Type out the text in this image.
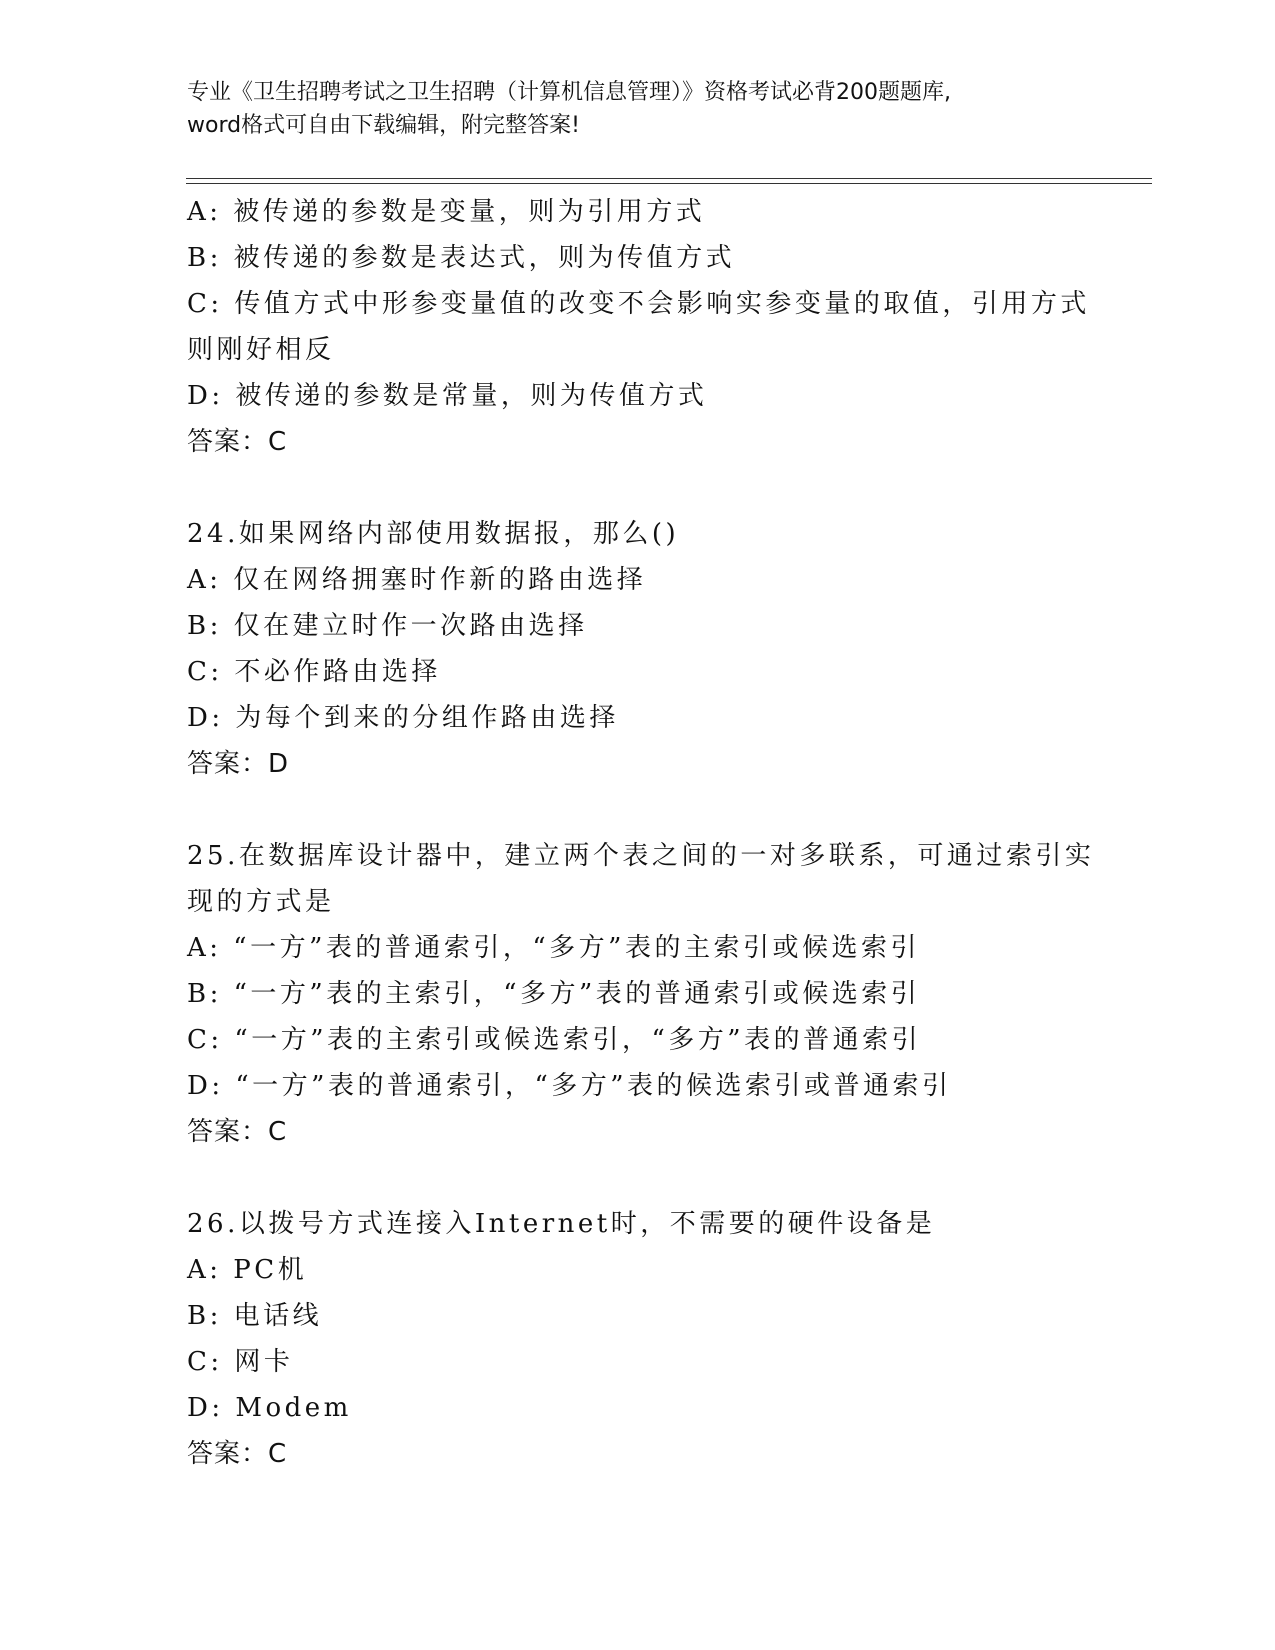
专业《卫生招聘考试之卫生招聘（计算机信息管理）》资格考试必背200题题库,
word格式可自由下载编辑，附完整答案!
A: 被传递的参数是变量，则为引用方式
B: 被传递的参数是表达式，则为传值方式
C: 传值方式中形参变量值的改变不会影响实参变量的取值，引用方式
则刚好相反
D: 被传递的参数是常量，则为传值方式
答案：C
24.如果网络内部使用数据报，那么()
A: 仅在网络拥塞时作新的路由选择
B: 仅在建立时作一次路由选择
C: 不必作路由选择
D: 为每个到来的分组作路由选择
答案：D
25.在数据库设计器中，建立两个表之间的一对多联系，可通过索引实
现的方式是
A: “一方”表的普通索引，“多方”表的主索引或候选索引
B: “一方”表的主索引，“多方”表的普通索引或候选索引
C: “一方”表的主索引或候选索引，“多方”表的普通索引
D: “一方”表的普通索引，“多方”表的候选索引或普通索引
答案：C
26.以拨号方式连接入Internet时，不需要的硬件设备是
A: PC机
B: 电话线
C: 网卡
D: Modem
答案：C
